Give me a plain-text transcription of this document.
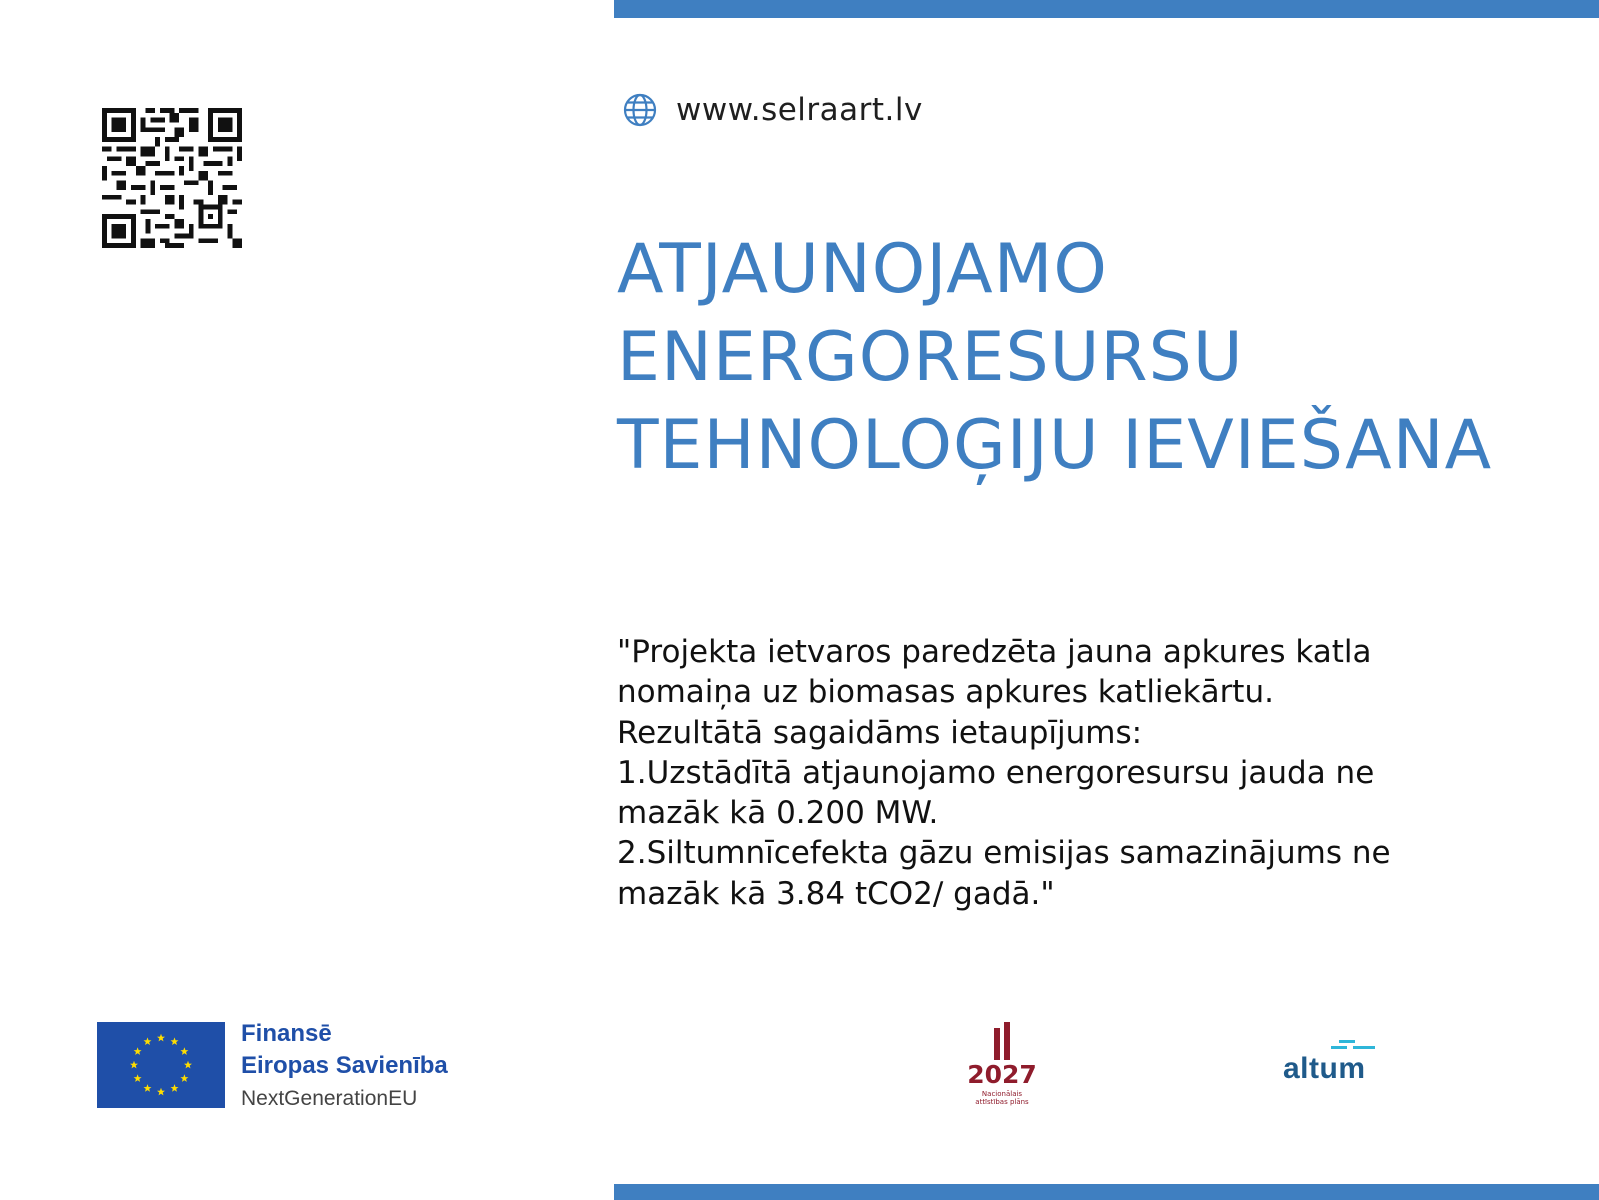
www.selraart.lv
ATJAUNOJAMO
ENERGORESURSU
TEHNOLOĢIJU IEVIEŠANA
"Projekta ietvaros paredzēta jauna apkures katla
nomaiņa uz biomasas apkures katliekārtu.
Rezultātā sagaidāms ietaupījums:
1.Uzstādītā atjaunojamo energoresursu jauda ne
mazāk kā 0.200 MW.
2.Siltumnīcefekta gāzu emisijas samazinājums ne
mazāk kā 3.84 tCO2/ gadā."
Finansē
Eiropas Savienība
NextGenerationEU
2027
Nacionālais
attīstības plāns
altum
